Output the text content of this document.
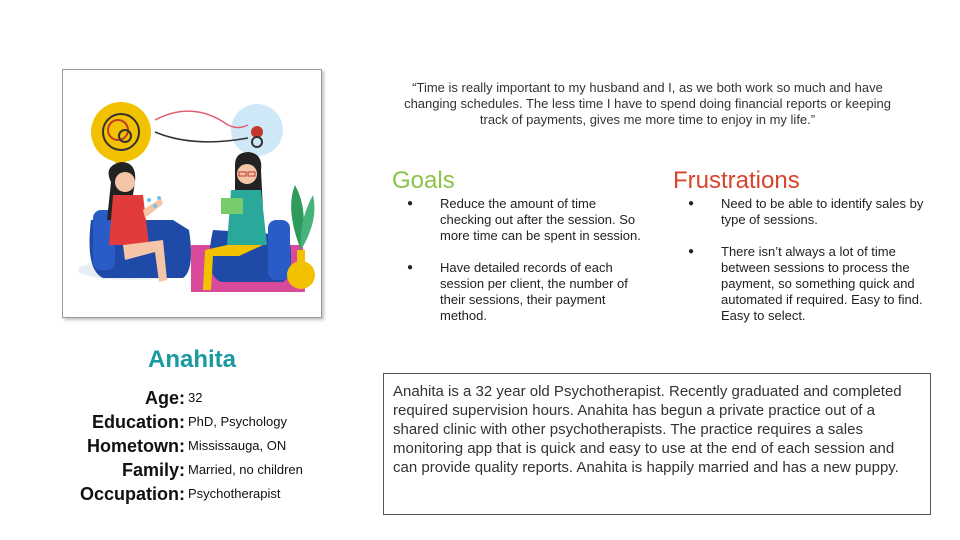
Anahita
Age: 32
Education: PhD, Psychology
Hometown: Mississauga, ON
Family: Married, no children
Occupation: Psychotherapist
“Time is really important to my husband and I, as we both work so much and have changing schedules. The less time I have to spend doing financial reports or keeping track of payments, gives me more time to enjoy in my life.”
Goals
● Reduce the amount of time checking out after the session. So more time can be spent in session.
● Have detailed records of each session per client, the number of their sessions, their payment method.
Frustrations
● Need to be able to identify sales by type of sessions.
● There isn’t always a lot of time between sessions to process the payment, so something quick and automated if required. Easy to find. Easy to select.
Anahita is a 32 year old Psychotherapist. Recently graduated and completed required supervision hours. Anahita has begun a private practice out of a shared clinic with other psychotherapists. The practice requires a sales monitoring app that is quick and easy to use at the end of each session and can provide quality reports. Anahita is happily married and has a new puppy.
